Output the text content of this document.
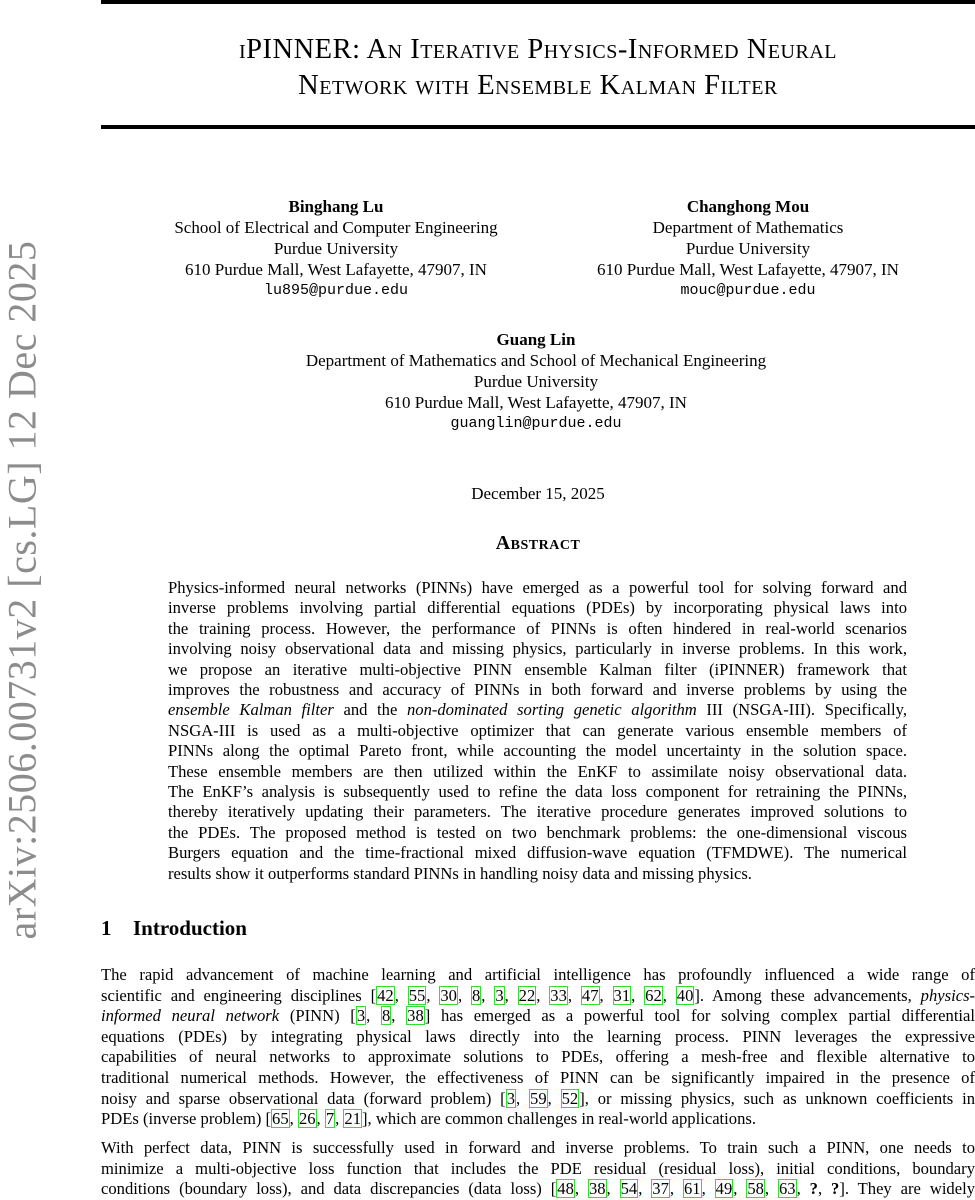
arXiv:2506.00731v2 [cs.LG] 12 Dec 2025
iPINNER: An Iterative Physics-Informed Neural
Network with Ensemble Kalman Filter
Binghang Lu
School of Electrical and Computer Engineering
Purdue University
610 Purdue Mall, West Lafayette, 47907, IN
lu895@purdue.edu
Changhong Mou
Department of Mathematics
Purdue University
610 Purdue Mall, West Lafayette, 47907, IN
mouc@purdue.edu
Guang Lin
Department of Mathematics and School of Mechanical Engineering
Purdue University
610 Purdue Mall, West Lafayette, 47907, IN
guanglin@purdue.edu
December 15, 2025
Abstract
Physics-informed neural networks (PINNs) have emerged as a powerful tool for solving forward and
inverse problems involving partial differential equations (PDEs) by incorporating physical laws into
the training process. However, the performance of PINNs is often hindered in real-world scenarios
involving noisy observational data and missing physics, particularly in inverse problems. In this work,
we propose an iterative multi-objective PINN ensemble Kalman filter (iPINNER) framework that
improves the robustness and accuracy of PINNs in both forward and inverse problems by using the
ensemble Kalman filter and the non-dominated sorting genetic algorithm III (NSGA-III). Specifically,
NSGA-III is used as a multi-objective optimizer that can generate various ensemble members of
PINNs along the optimal Pareto front, while accounting the model uncertainty in the solution space.
These ensemble members are then utilized within the EnKF to assimilate noisy observational data.
The EnKF’s analysis is subsequently used to refine the data loss component for retraining the PINNs,
thereby iteratively updating their parameters. The iterative procedure generates improved solutions to
the PDEs. The proposed method is tested on two benchmark problems: the one-dimensional viscous
Burgers equation and the time-fractional mixed diffusion-wave equation (TFMDWE). The numerical
results show it outperforms standard PINNs in handling noisy data and missing physics.
1 Introduction
The rapid advancement of machine learning and artificial intelligence has profoundly influenced a wide range of
scientific and engineering disciplines [42, 55, 30, 8, 3, 22, 33, 47, 31, 62, 40]. Among these advancements, physics-
informed neural network (PINN) [3, 8, 38] has emerged as a powerful tool for solving complex partial differential
equations (PDEs) by integrating physical laws directly into the learning process. PINN leverages the expressive
capabilities of neural networks to approximate solutions to PDEs, offering a mesh-free and flexible alternative to
traditional numerical methods. However, the effectiveness of PINN can be significantly impaired in the presence of
noisy and sparse observational data (forward problem) [3, 59, 52], or missing physics, such as unknown coefficients in
PDEs (inverse problem) [65, 26, 7, 21], which are common challenges in real-world applications.
With perfect data, PINN is successfully used in forward and inverse problems. To train such a PINN, one needs to
minimize a multi-objective loss function that includes the PDE residual (residual loss), initial conditions, boundary
conditions (boundary loss), and data discrepancies (data loss) [48, 38, 54, 37, 61, 49, 58, 63, ?, ?]. They are widely
